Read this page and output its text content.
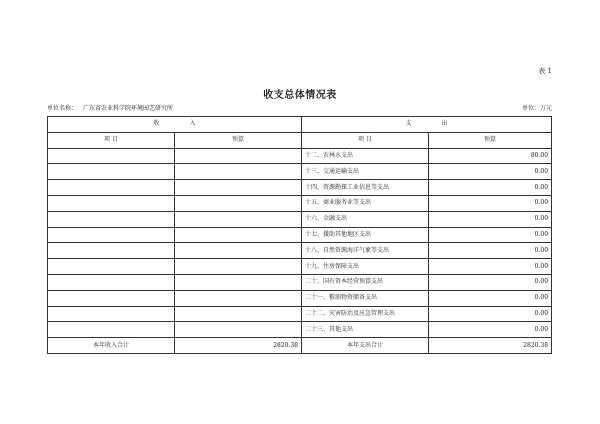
表 1
收支总体情况表
单位名称： 广东省农业科学院环境园艺研究所	单位：万元
收入		支出	
项 目	预算	项 目	预算
		十二、农林水支出	80.00
		十三、交通运输支出	0.00
		十四、资源勘探工业信息等支出	0.00
		十五、商业服务业等支出	0.00
		十六、金融支出	0.00
		十七、援助其他地区支出	0.00
		十八、自然资源海洋气象等支出	0.00
		十九、住房保障支出	0.00
		二十、国有资本经营预算支出	0.00
		二十一、粮油物资储备支出	0.00
		二十二、灾害防治及应急管理支出	0.00
		二十三、其他支出	0.00
本年收入合计	2820.38	本年支出合计	2820.38
